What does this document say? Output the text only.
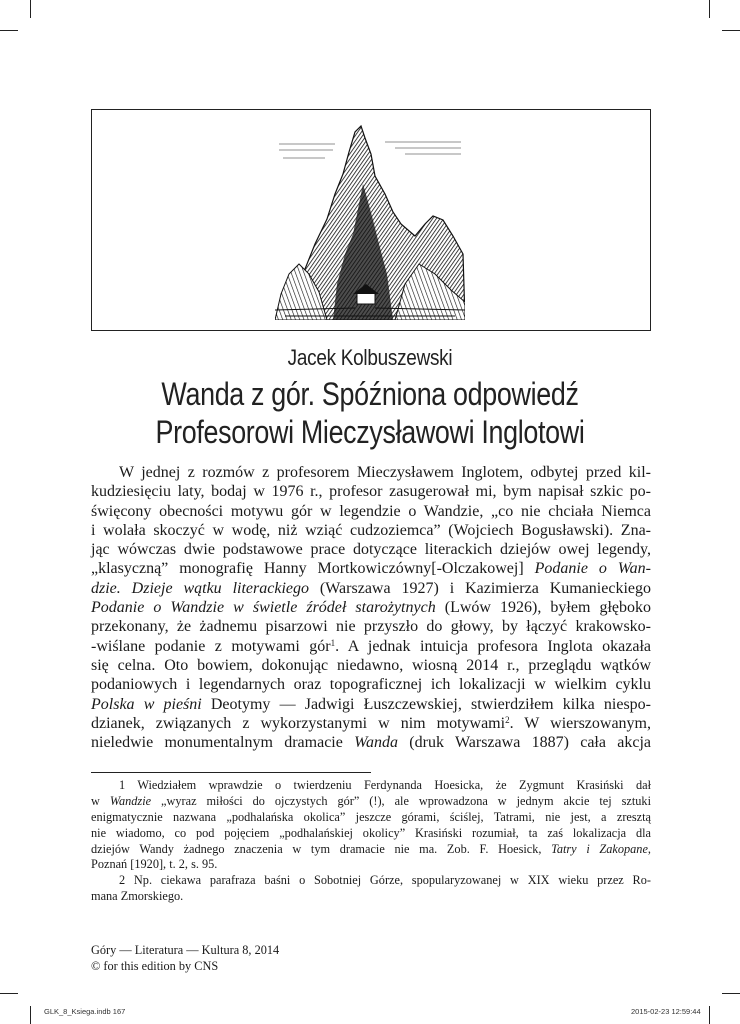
Jacek Kolbuszewski
Wanda z gór. Spóźniona odpowiedź
Profesorowi Mieczysławowi Inglotowi
W jednej z rozmów z profesorem Mieczysławem Inglotem, odbytej przed kil-
kudziesięciu laty, bodaj w 1976 r., profesor zasugerował mi, bym napisał szkic po-
święcony obecności motywu gór w legendzie o Wandzie, „co nie chciała Niemca
i wolała skoczyć w wodę, niż wziąć cudzoziemca” (Wojciech Bogusławski). Zna-
jąc wówczas dwie podstawowe prace dotyczące literackich dziejów owej legendy,
„klasyczną” monografię Hanny Mortkowiczówny[-Olczakowej] Podanie o Wan-
dzie. Dzieje wątku literackiego (Warszawa 1927) i Kazimierza Kumanieckiego
Podanie o Wandzie w świetle źródeł starożytnych (Lwów 1926), byłem głęboko
przekonany, że żadnemu pisarzowi nie przyszło do głowy, by łączyć krakowsko-
-wiślane podanie z motywami gór$^1$. A jednak intuicja profesora Inglota okazała
się celna. Oto bowiem, dokonując niedawno, wiosną 2014 r., przeglądu wątków
podaniowych i legendarnych oraz topograficznej ich lokalizacji w wielkim cyklu
Polska w pieśni Deotymy — Jadwigi Łuszczewskiej, stwierdziłem kilka niespo-
dzianek, związanych z wykorzystanymi w nim motywami$^2$. W wierszowanym,
nieledwie monumentalnym dramacie Wanda (druk Warszawa 1887) cała akcja
1 Wiedziałem wprawdzie o twierdzeniu Ferdynanda Hoesicka, że Zygmunt Krasiński dał
w Wandzie „wyraz miłości do ojczystych gór” (!), ale wprowadzona w jednym akcie tej sztuki
enigmatycznie nazwana „podhalańska okolica” jeszcze górami, ściślej, Tatrami, nie jest, a zresztą
nie wiadomo, co pod pojęciem „podhalańskiej okolicy” Krasiński rozumiał, ta zaś lokalizacja dla
dziejów Wandy żadnego znaczenia w tym dramacie nie ma. Zob. F. Hoesick, Tatry i Zakopane,
Poznań [1920], t. 2, s. 95.
2 Np. ciekawa parafraza baśni o Sobotniej Górze, spopularyzowanej w XIX wieku przez Ro-
mana Zmorskiego.
Góry — Literatura — Kultura 8, 2014
© for this edition by CNS
GLK_8_Ksiega.indb 167	2015-02-23 12:59:44
